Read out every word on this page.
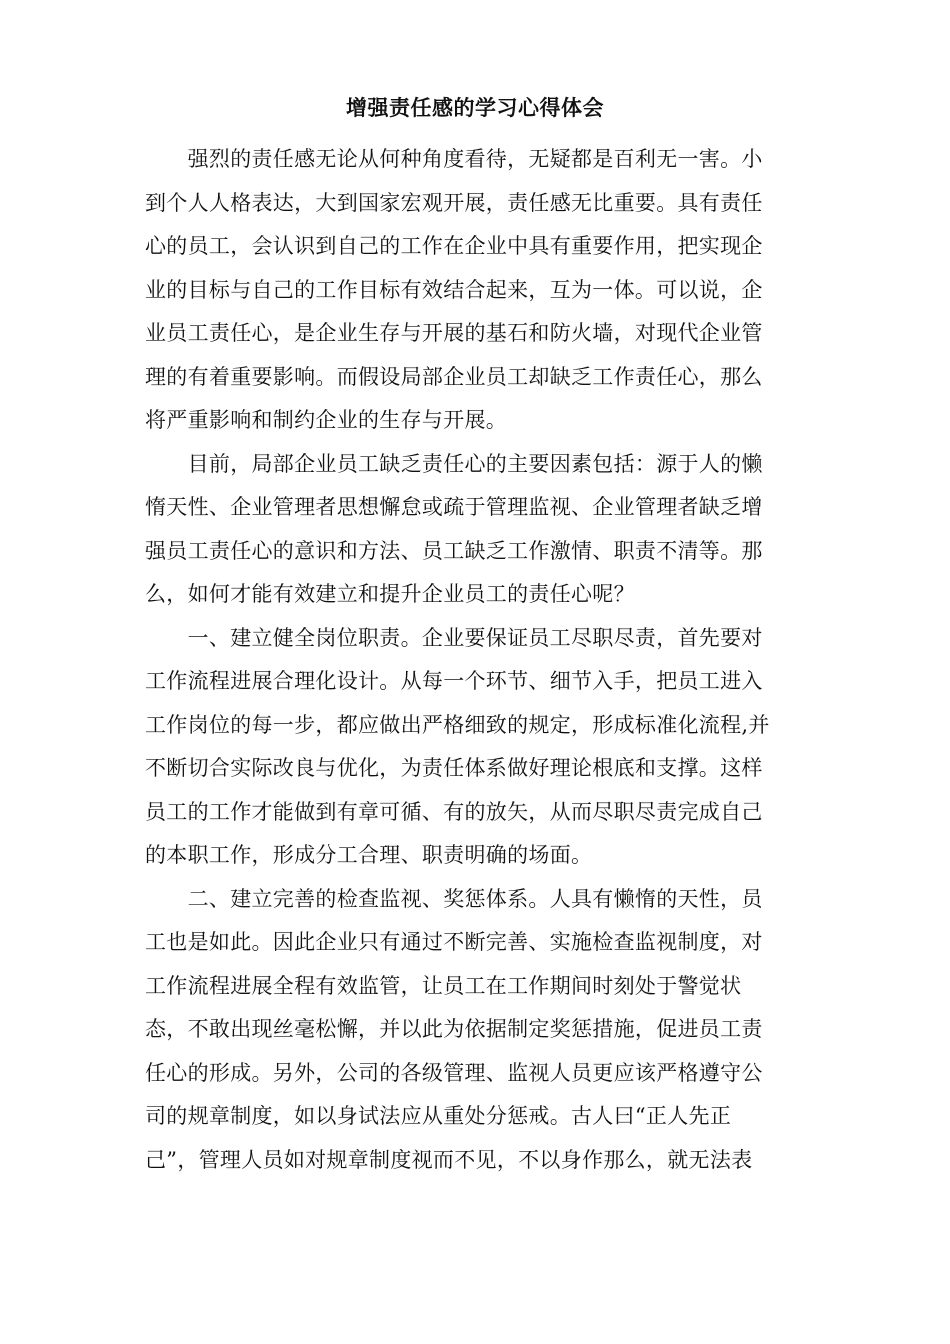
增强责任感的学习心得体会
　　强烈的责任感无论从何种角度看待，无疑都是百利无一害。小
到个人人格表达，大到国家宏观开展，责任感无比重要。具有责任
心的员工，会认识到自己的工作在企业中具有重要作用，把实现企
业的目标与自己的工作目标有效结合起来，互为一体。可以说，企
业员工责任心，是企业生存与开展的基石和防火墙，对现代企业管
理的有着重要影响。而假设局部企业员工却缺乏工作责任心，那么
将严重影响和制约企业的生存与开展。
　　目前，局部企业员工缺乏责任心的主要因素包括：源于人的懒
惰天性、企业管理者思想懈怠或疏于管理监视、企业管理者缺乏增
强员工责任心的意识和方法、员工缺乏工作激情、职责不清等。那
么，如何才能有效建立和提升企业员工的责任心呢？
　　一、建立健全岗位职责。企业要保证员工尽职尽责，首先要对
工作流程进展合理化设计。从每一个环节、细节入手，把员工进入
工作岗位的每一步，都应做出严格细致的规定，形成标准化流程,并
不断切合实际改良与优化，为责任体系做好理论根底和支撑。这样
员工的工作才能做到有章可循、有的放矢，从而尽职尽责完成自己
的本职工作，形成分工合理、职责明确的场面。
　　二、建立完善的检查监视、奖惩体系。人具有懒惰的天性，员
工也是如此。因此企业只有通过不断完善、实施检查监视制度，对
工作流程进展全程有效监管，让员工在工作期间时刻处于警觉状
态，不敢出现丝毫松懈，并以此为依据制定奖惩措施，促进员工责
任心的形成。另外，公司的各级管理、监视人员更应该严格遵守公
司的规章制度，如以身试法应从重处分惩戒。古人曰“正人先正
己”，管理人员如对规章制度视而不见，不以身作那么，就无法表
